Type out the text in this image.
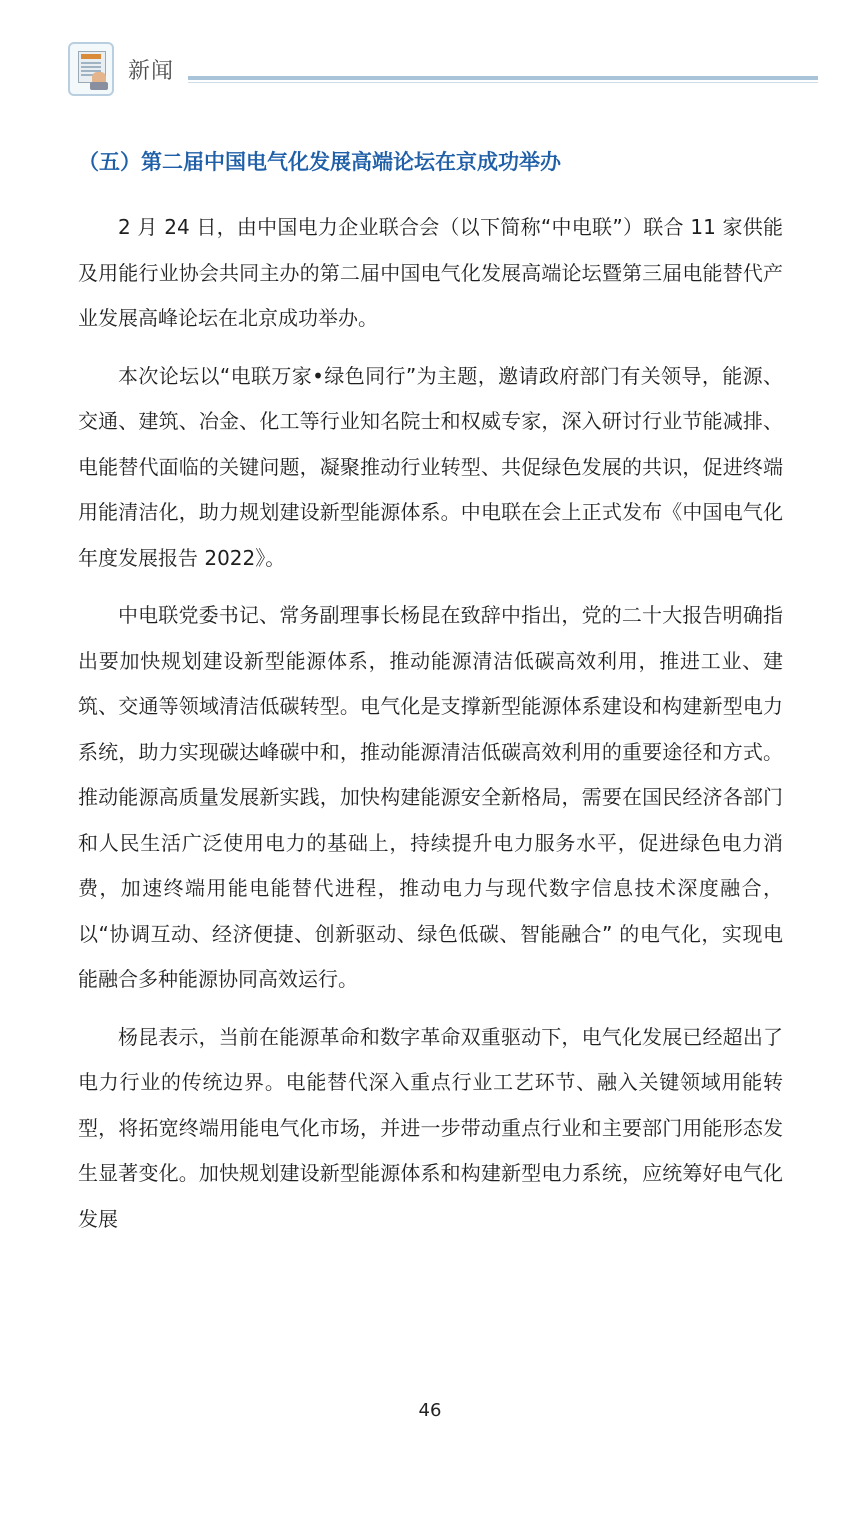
新闻
（五）第二届中国电气化发展高端论坛在京成功举办

2 月 24 日，由中国电力企业联合会（以下简称“中电联”）联合 11 家供能及用能行业协会共同主办的第二届中国电气化发展高端论坛暨第三届电能替代产业发展高峰论坛在北京成功举办。

本次论坛以“电联万家•绿色同行”为主题，邀请政府部门有关领导，能源、交通、建筑、冶金、化工等行业知名院士和权威专家，深入研讨行业节能减排、电能替代面临的关键问题，凝聚推动行业转型、共促绿色发展的共识，促进终端用能清洁化，助力规划建设新型能源体系。中电联在会上正式发布《中国电气化年度发展报告 2022》。

中电联党委书记、常务副理事长杨昆在致辞中指出，党的二十大报告明确指出要加快规划建设新型能源体系，推动能源清洁低碳高效利用，推进工业、建筑、交通等领域清洁低碳转型。电气化是支撑新型能源体系建设和构建新型电力系统，助力实现碳达峰碳中和，推动能源清洁低碳高效利用的重要途径和方式。推动能源高质量发展新实践，加快构建能源安全新格局，需要在国民经济各部门和人民生活广泛使用电力的基础上，持续提升电力服务水平，促进绿色电力消费，加速终端用能电能替代进程，推动电力与现代数字信息技术深度融合，以“协调互动、经济便捷、创新驱动、绿色低碳、智能融合” 的电气化，实现电能融合多种能源协同高效运行。

杨昆表示，当前在能源革命和数字革命双重驱动下，电气化发展已经超出了电力行业的传统边界。电能替代深入重点行业工艺环节、融入关键领域用能转型，将拓宽终端用能电气化市场，并进一步带动重点行业和主要部门用能形态发生显著变化。加快规划建设新型能源体系和构建新型电力系统，应统筹好电气化发展

46
